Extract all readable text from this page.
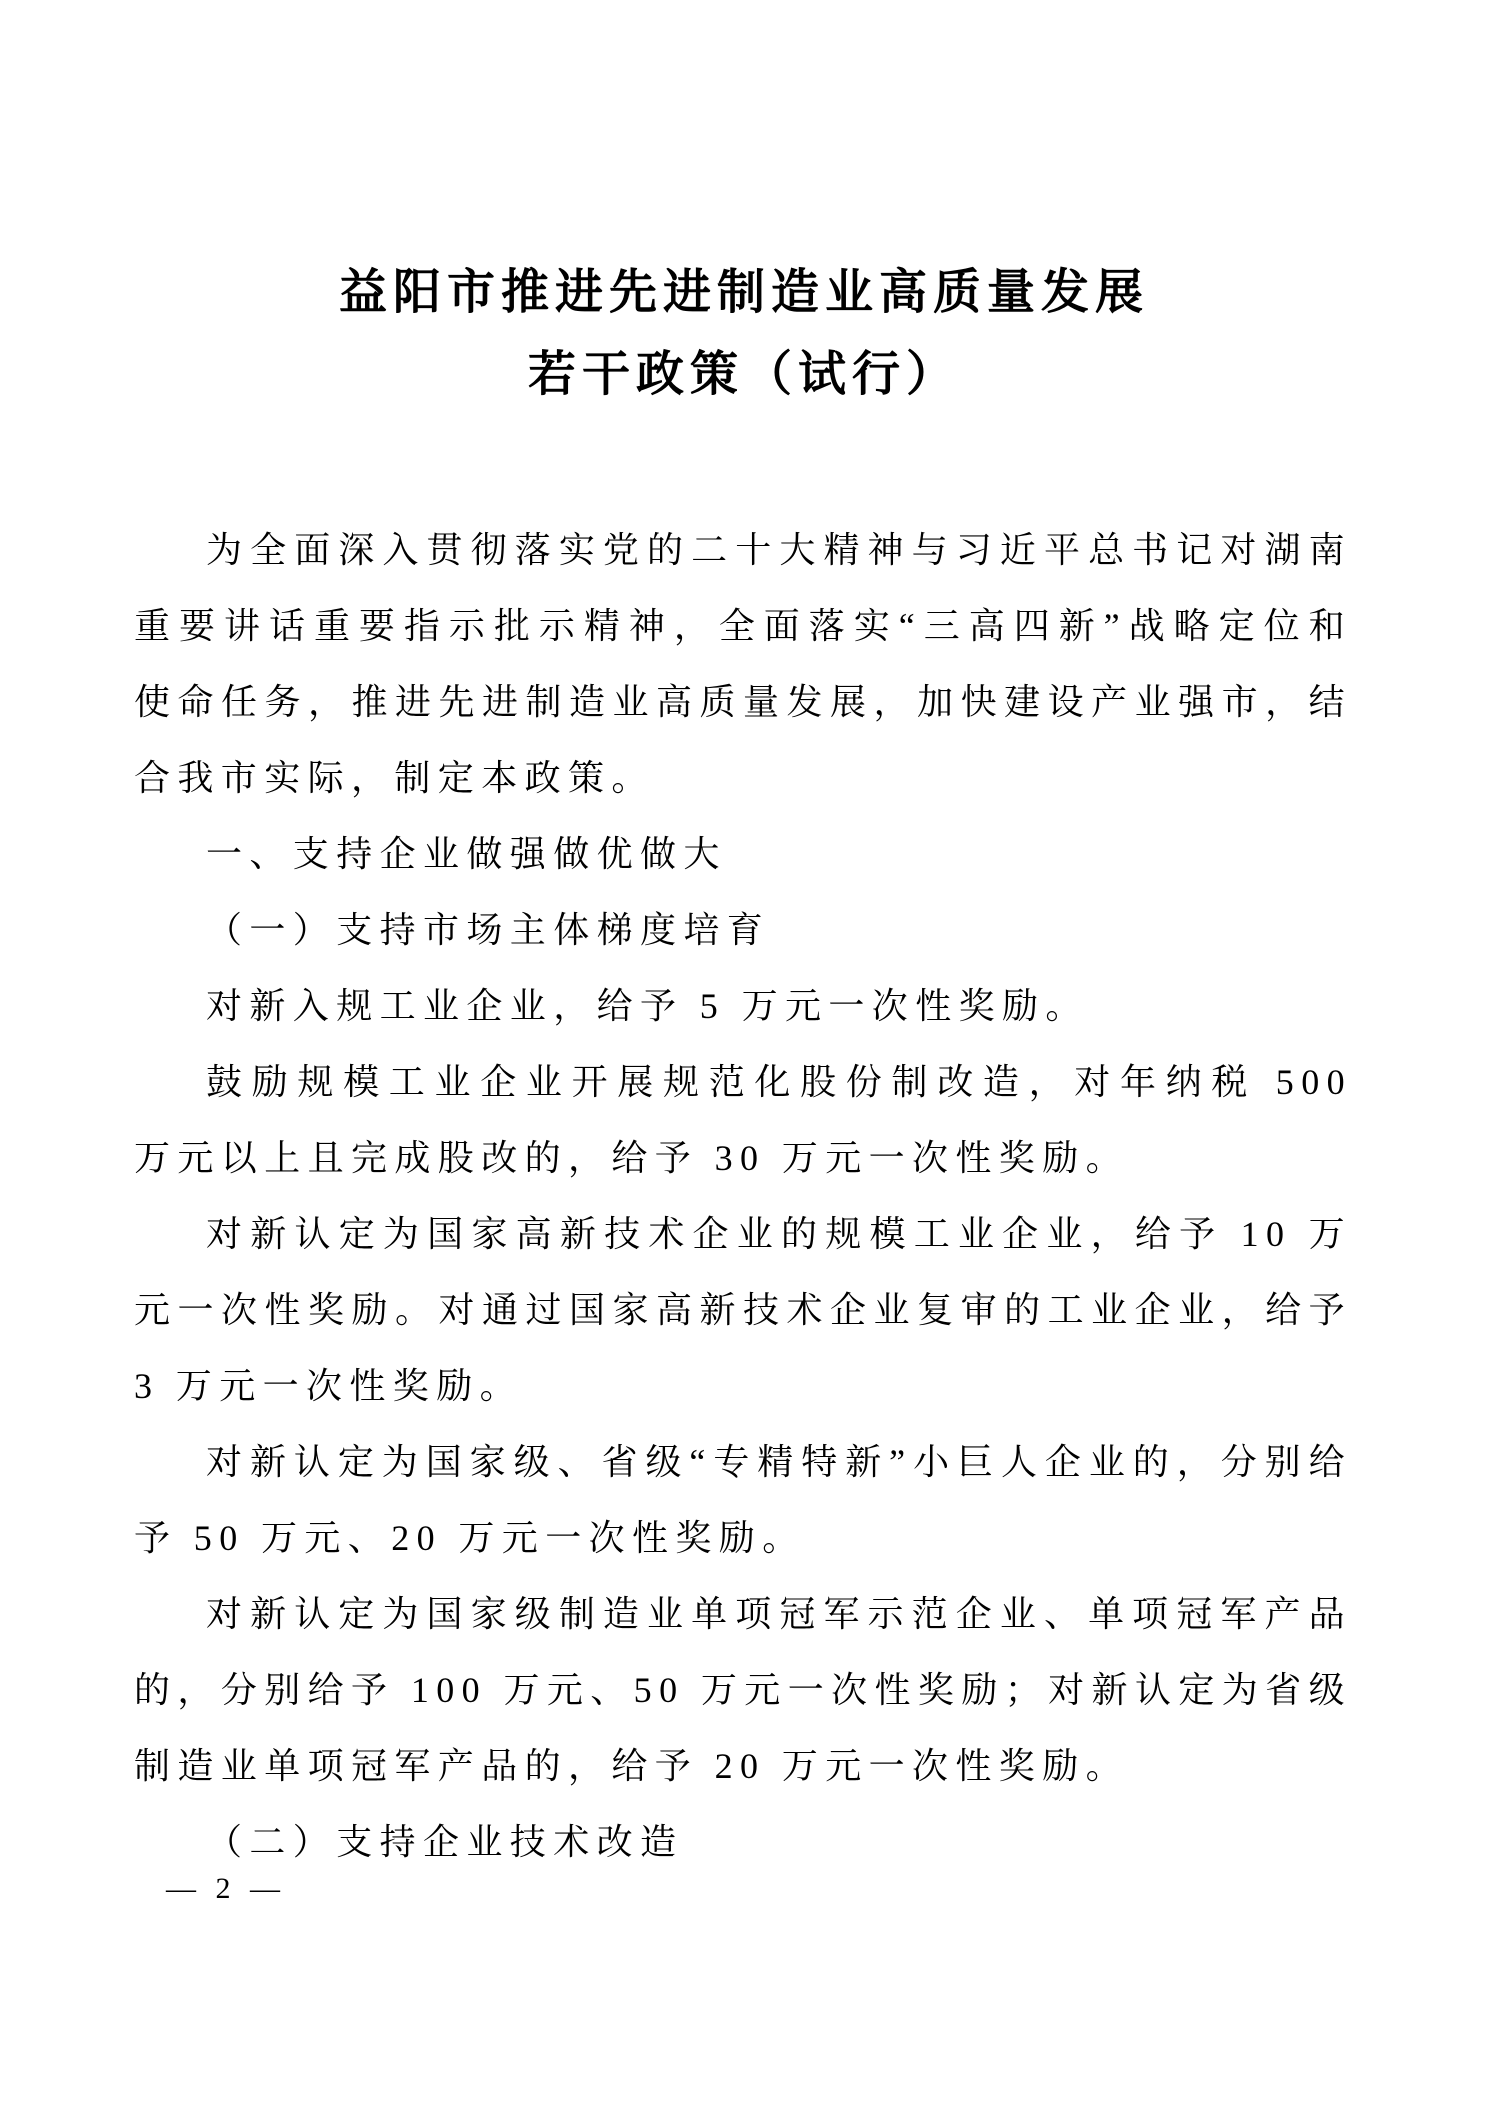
益阳市推进先进制造业高质量发展
若干政策（试行）

为全面深入贯彻落实党的二十大精神与习近平总书记对湖南重要讲话重要指示批示精神，全面落实“三高四新”战略定位和使命任务，推进先进制造业高质量发展，加快建设产业强市，结合我市实际，制定本政策。

一、支持企业做强做优做大

（一）支持市场主体梯度培育

对新入规工业企业，给予 5 万元一次性奖励。

鼓励规模工业企业开展规范化股份制改造，对年纳税 500 万元以上且完成股改的，给予 30 万元一次性奖励。

对新认定为国家高新技术企业的规模工业企业，给予 10 万元一次性奖励。对通过国家高新技术企业复审的工业企业，给予 3 万元一次性奖励。

对新认定为国家级、省级“专精特新”小巨人企业的，分别给予 50 万元、20 万元一次性奖励。

对新认定为国家级制造业单项冠军示范企业、单项冠军产品的，分别给予 100 万元、50 万元一次性奖励；对新认定为省级制造业单项冠军产品的，给予 20 万元一次性奖励。

（二）支持企业技术改造

— 2 —
